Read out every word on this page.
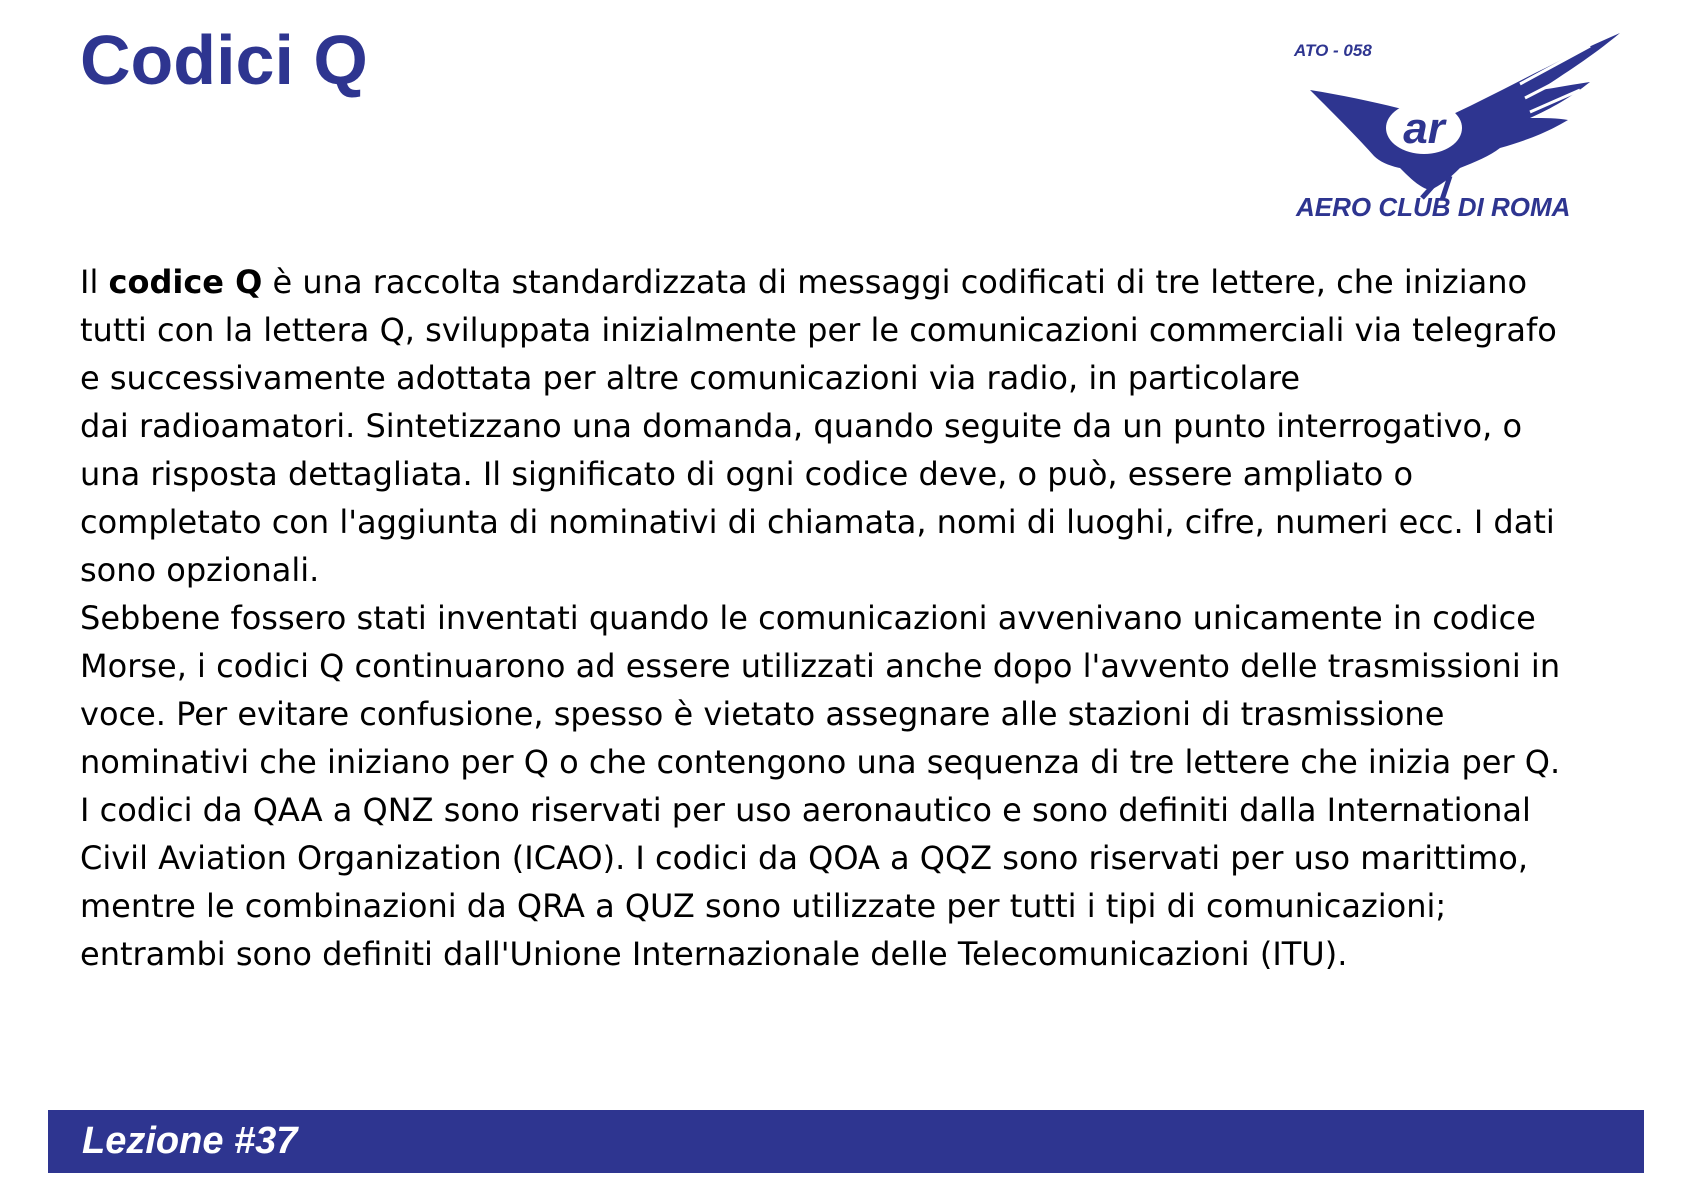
Codici Q	ATO - 058
ar
AERO CLUB DI ROMA
Il codice Q è una raccolta standardizzata di messaggi codificati di tre lettere, che iniziano
tutti con la lettera Q, sviluppata inizialmente per le comunicazioni commerciali via telegrafo
e successivamente adottata per altre comunicazioni via radio, in particolare
dai radioamatori. Sintetizzano una domanda, quando seguite da un punto interrogativo, o
una risposta dettagliata. Il significato di ogni codice deve, o può, essere ampliato o
completato con l'aggiunta di nominativi di chiamata, nomi di luoghi, cifre, numeri ecc. I dati
sono opzionali.
Sebbene fossero stati inventati quando le comunicazioni avvenivano unicamente in codice
Morse, i codici Q continuarono ad essere utilizzati anche dopo l'avvento delle trasmissioni in
voce. Per evitare confusione, spesso è vietato assegnare alle stazioni di trasmissione
nominativi che iniziano per Q o che contengono una sequenza di tre lettere che inizia per Q.
I codici da QAA a QNZ sono riservati per uso aeronautico e sono definiti dalla International
Civil Aviation Organization (ICAO). I codici da QOA a QQZ sono riservati per uso marittimo,
mentre le combinazioni da QRA a QUZ sono utilizzate per tutti i tipi di comunicazioni;
entrambi sono definiti dall'Unione Internazionale delle Telecomunicazioni (ITU).
Lezione #37
